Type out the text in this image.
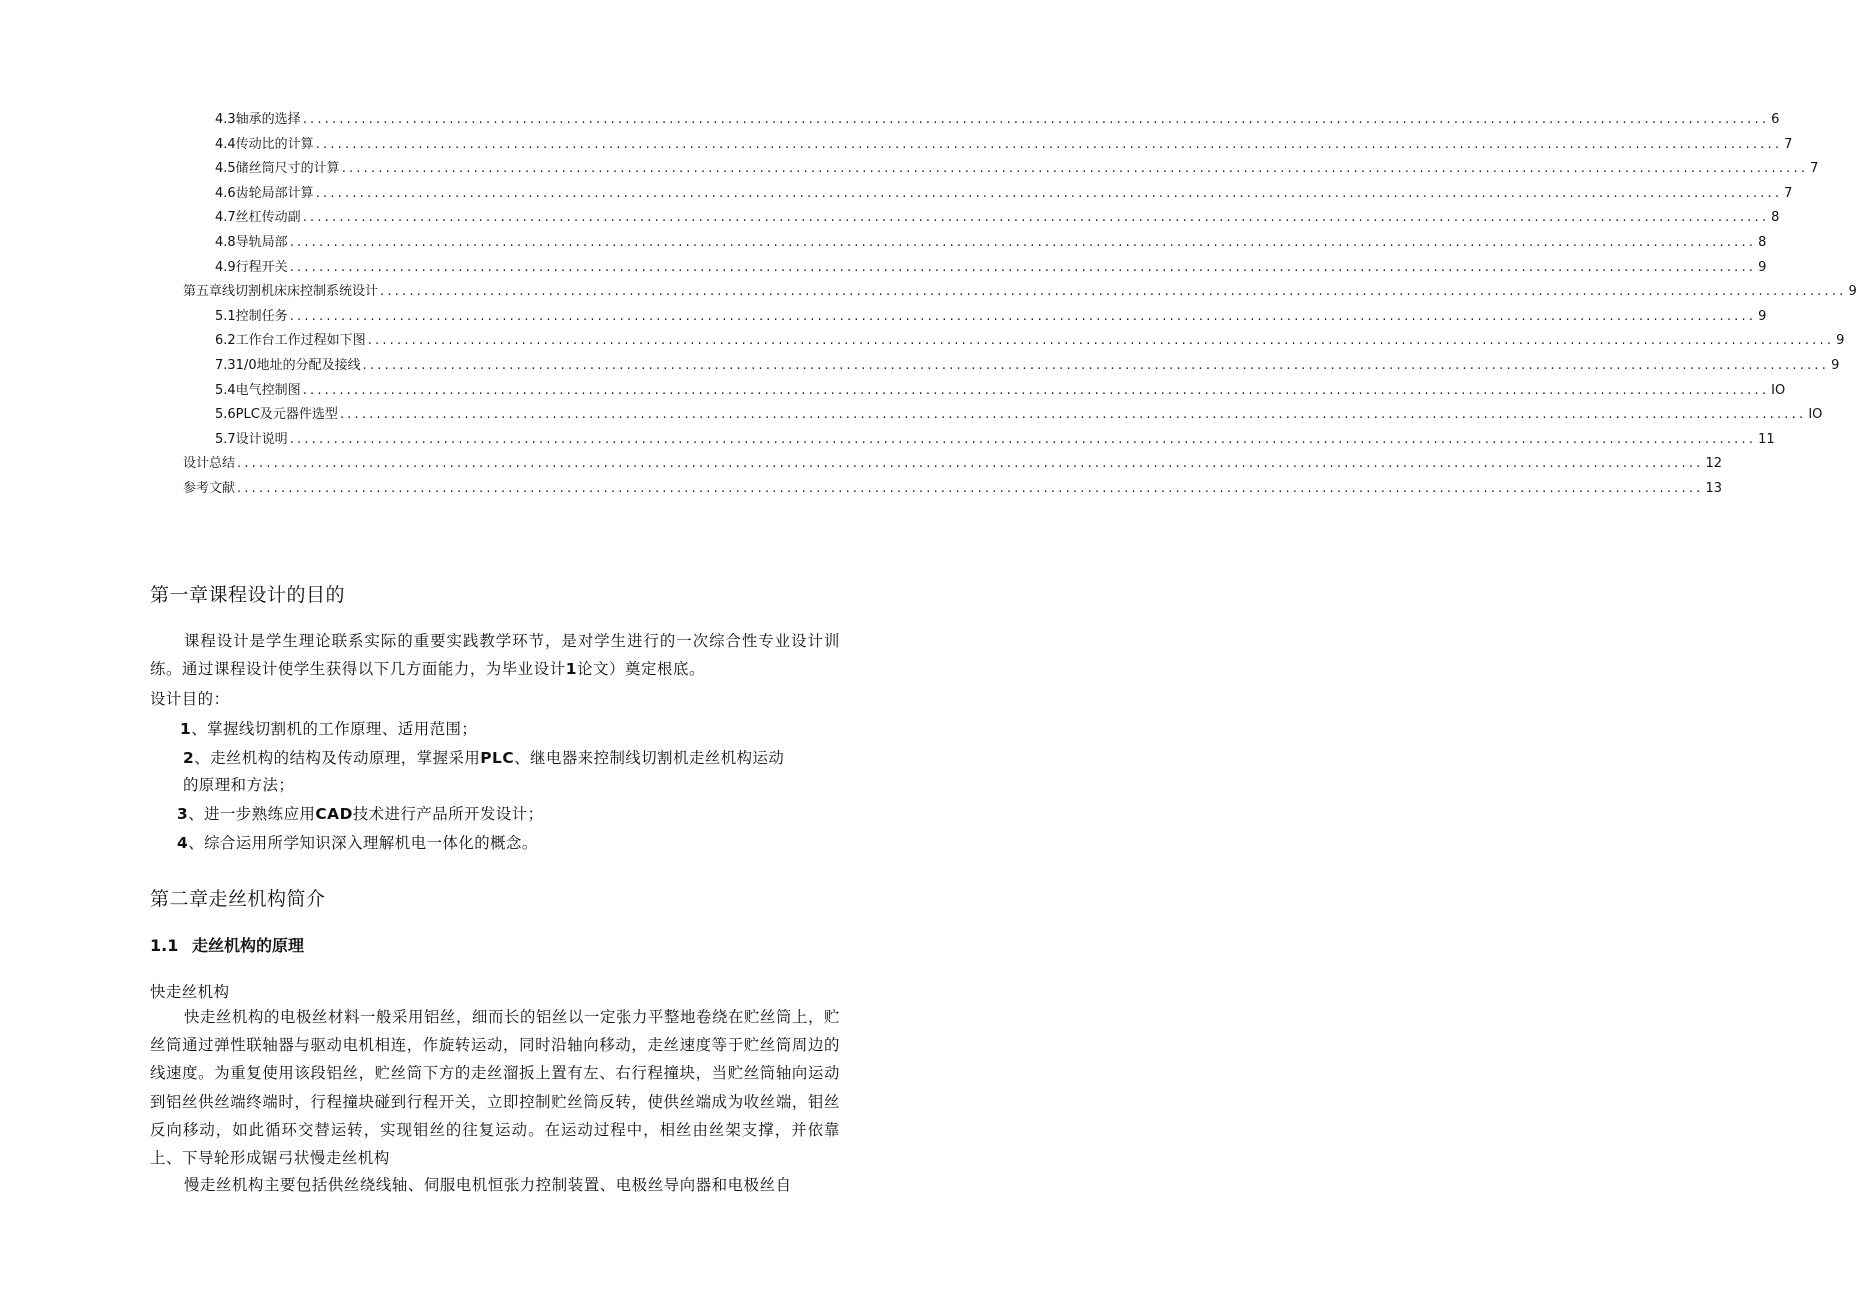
4. 3轴承的选择 ........................................................................................................................................................................................................ 6
4. 4传动比的计算 ........................................................................................................................................................................................................ 7
4. 5储丝筒尺寸的计算 ........................................................................................................................................................................................................ 7
4. 6齿轮局部计算 ........................................................................................................................................................................................................ 7
4. 7丝杠传动副 ........................................................................................................................................................................................................ 8
4. 8导轨局部 ........................................................................................................................................................................................................ 8
4. 9行程开关 ........................................................................................................................................................................................................ 9
第五章线切割机床床控制系统设计 ........................................................................................................................................................................................................ 9
5. 1控制任务 ........................................................................................................................................................................................................ 9
6. 2工作台工作过程如下图 ........................................................................................................................................................................................................ 9
7. 31/0地址的分配及接线 ........................................................................................................................................................................................................ 9
5.4电气控制图 ........................................................................................................................................................................................................ IO
5.6PLC及元器件选型 ........................................................................................................................................................................................................ IO
5.7设计说明 ........................................................................................................................................................................................................ 11
设计总结 ........................................................................................................................................................................................................ 12
参考文献 ........................................................................................................................................................................................................ 13
第一章课程设计的目的

课程设计是学生理论联系实际的重要实践教学环节，是对学生进行的一次综合性专业设计训练。通过课程设计使学生获得以下几方面能力，为毕业设计1论文）奠定根底。

设计目的：

1、掌握线切割机的工作原理、适用范围；

2、走丝机构的结构及传动原理，掌握采用PLC、继电器来控制线切割机走丝机构运动

的原理和方法；

3、进一步熟练应用CAD技术进行产品所开发设计；

4、综合运用所学知识深入理解机电一体化的概念。

第二章走丝机构简介
1.1 走丝机构的原理

快走丝机构

快走丝机构的电极丝材料一般采用铝丝，细而长的铝丝以一定张力平整地卷绕在贮丝筒上，贮丝筒通过弹性联轴器与驱动电机相连，作旋转运动，同时沿轴向移动，走丝速度等于贮丝筒周边的线速度。为重复使用该段铝丝，贮丝筒下方的走丝溜扳上置有左、右行程撞块，当贮丝筒轴向运动到铝丝供丝端终端时，行程撞块碰到行程开关，立即控制贮丝筒反转，使供丝端成为收丝端，钼丝反向移动，如此循环交替运转，实现钼丝的往复运动。在运动过程中，相丝由丝架支撑，并依靠上、下导轮形成锯弓状慢走丝机构

慢走丝机构主要包括供丝绕线轴、伺服电机恒张力控制装置、电极丝导向器和电极丝自
